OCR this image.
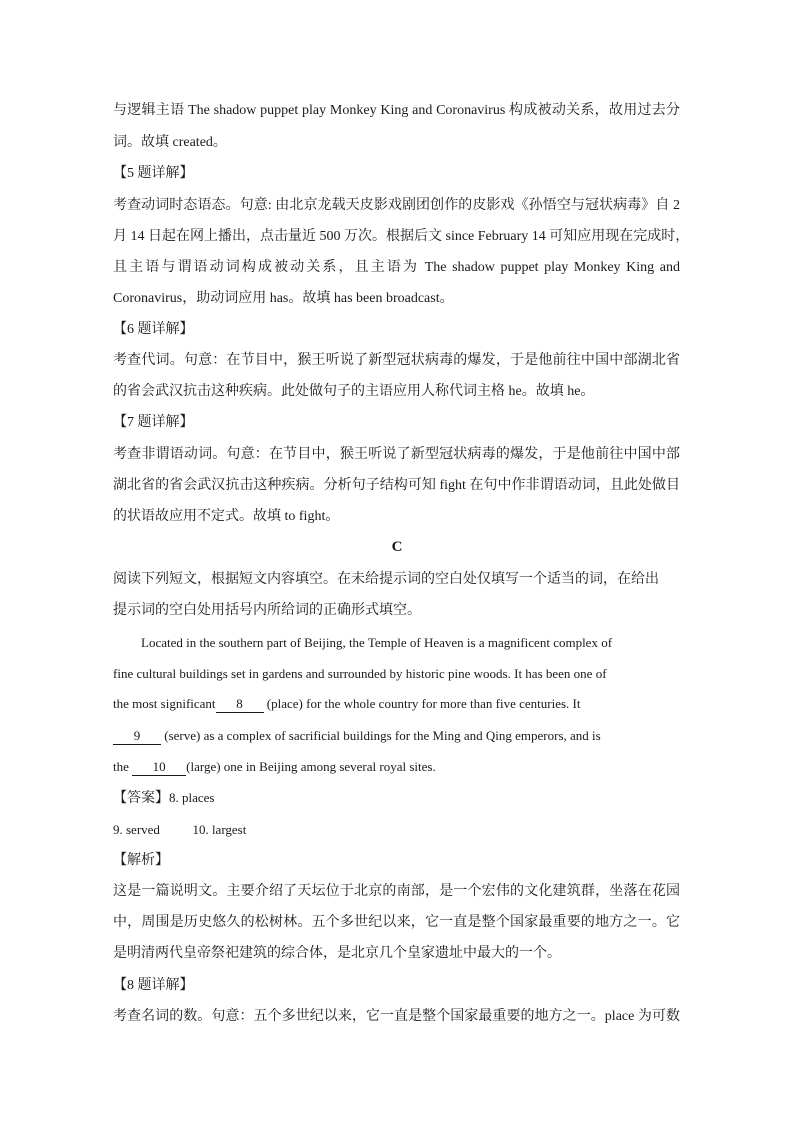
与逻辑主语 The shadow puppet play Monkey King and Coronavirus 构成被动关系，故用过去分
词。故填 created。
【5 题详解】
考查动词时态语态。句意: 由北京龙载天皮影戏剧团创作的皮影戏《孙悟空与冠状病毒》自 2
月 14 日起在网上播出，点击量近 500 万次。根据后文 since February 14 可知应用现在完成时，
且主语与谓语动词构成被动关系，且主语为 The shadow puppet play Monkey King and
Coronavirus，助动词应用 has。故填 has been broadcast。
【6 题详解】
考查代词。句意：在节目中，猴王听说了新型冠状病毒的爆发，于是他前往中国中部湖北省
的省会武汉抗击这种疾病。此处做句子的主语应用人称代词主格 he。故填 he。
【7 题详解】
考查非谓语动词。句意：在节目中，猴王听说了新型冠状病毒的爆发，于是他前往中国中部
湖北省的省会武汉抗击这种疾病。分析句子结构可知 fight 在句中作非谓语动词，且此处做目
的状语故应用不定式。故填 to fight。
C
阅读下列短文，根据短文内容填空。在未给提示词的空白处仅填写一个适当的词，在给出
提示词的空白处用括号内所给词的正确形式填空。
Located in the southern part of Beijing, the Temple of Heaven is a magnificent complex of
fine cultural buildings set in gardens and surrounded by historic pine woods. It has been one of
the most significant 8 (place) for the whole country for more than five centuries. It
9 (serve) as a complex of sacrificial buildings for the Ming and Qing emperors, and is
the 10 (large) one in Beijing among several royal sites.
【答案】8. places
9. served	10. largest
【解析】
这是一篇说明文。主要介绍了天坛位于北京的南部，是一个宏伟的文化建筑群，坐落在花园
中，周围是历史悠久的松树林。五个多世纪以来，它一直是整个国家最重要的地方之一。它
是明清两代皇帝祭祀建筑的综合体，是北京几个皇家遗址中最大的一个。
【8 题详解】
考查名词的数。句意：五个多世纪以来，它一直是整个国家最重要的地方之一。place 为可数
